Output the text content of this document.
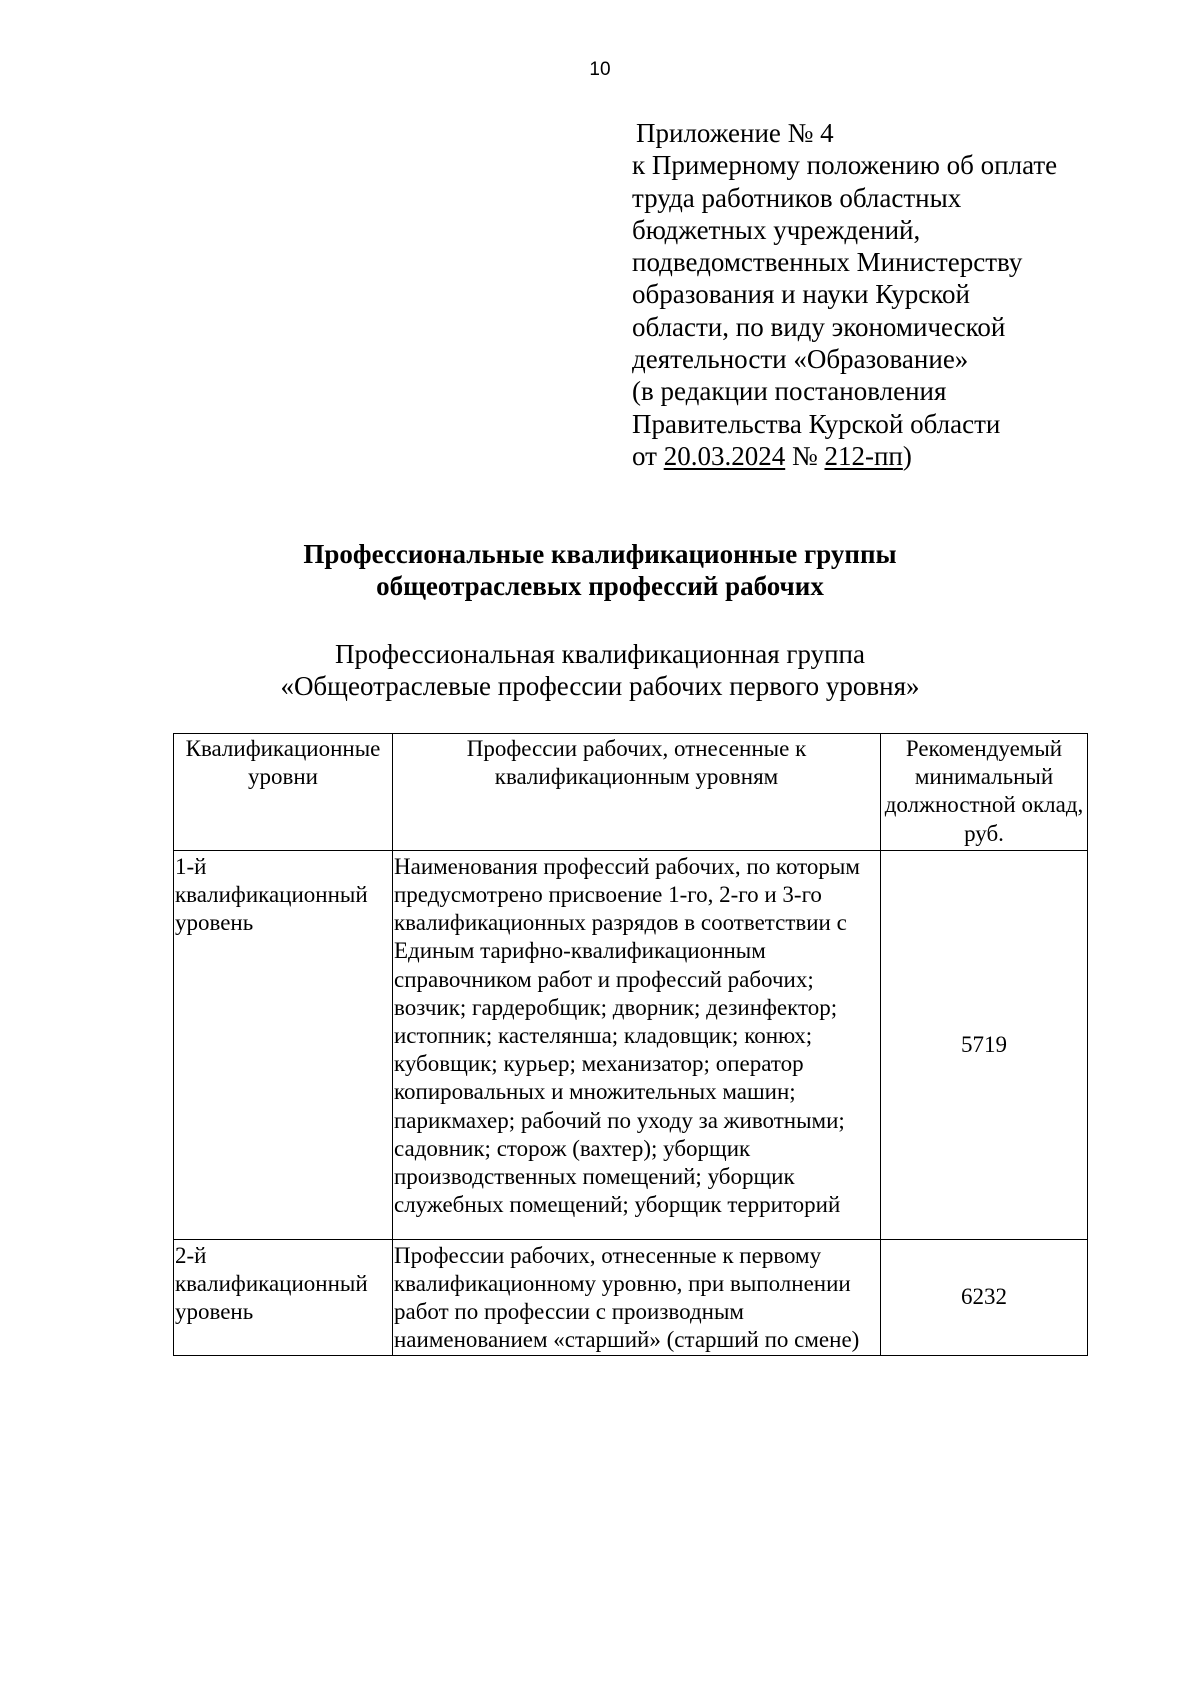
10
Приложение № 4
к Примерному положению об оплате
труда работников областных
бюджетных учреждений,
подведомственных Министерству
образования и науки Курской
области, по виду экономической
деятельности «Образование»
(в редакции постановления
Правительства Курской области
от 20.03.2024 № 212-пп)
Профессиональные квалификационные группы
общеотраслевых профессий рабочих
Профессиональная квалификационная группа
«Общеотраслевые профессии рабочих первого уровня»
Квалификационные уровни	Профессии рабочих, отнесенные к квалификационным уровням	Рекомендуемый минимальный должностной оклад, руб.
1-й квалификационный уровень	Наименования профессий рабочих, по которым предусмотрено присвоение 1-го, 2-го и 3-го квалификационных разрядов в соответствии с Единым тарифно-квалификационным справочником работ и профессий рабочих; возчик; гардеробщик; дворник; дезинфектор; истопник; кастелянша; кладовщик; конюх; кубовщик; курьер; механизатор; оператор копировальных и множительных машин; парикмахер; рабочий по уходу за животными; садовник; сторож (вахтер); уборщик производственных помещений; уборщик служебных помещений; уборщик территорий	5719
2-й квалификационный уровень	Профессии рабочих, отнесенные к первому квалификационному уровню, при выполнении работ по профессии с производным наименованием «старший» (старший по смене)	6232
